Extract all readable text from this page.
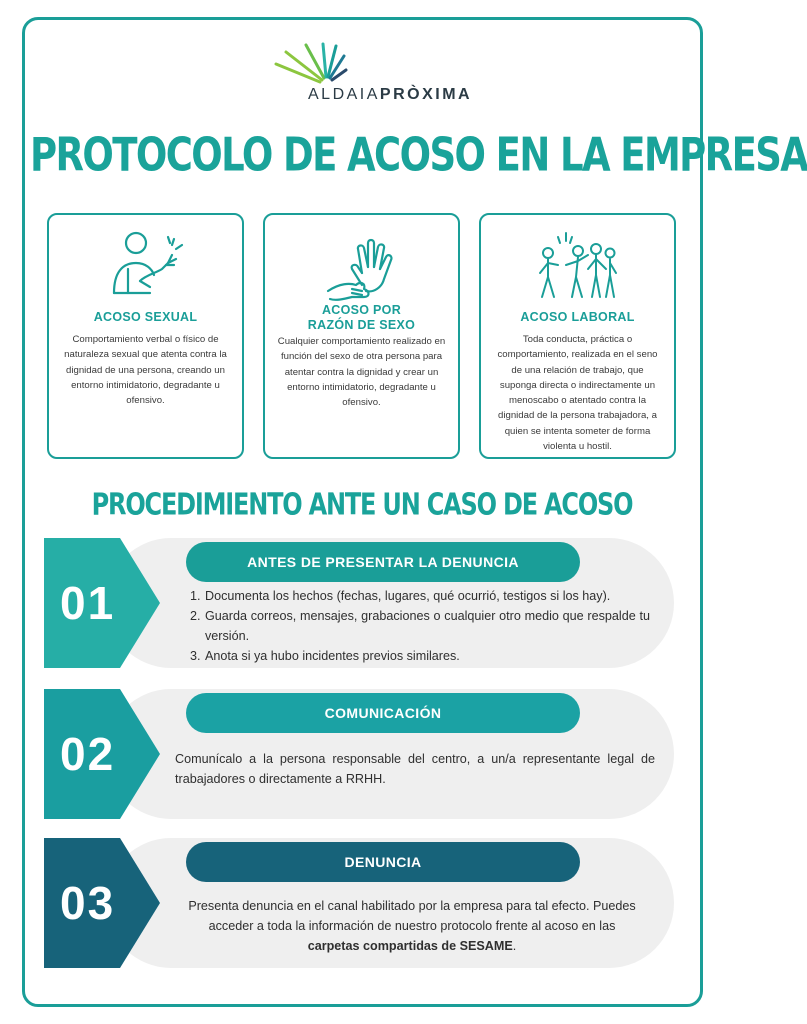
ALDAIAPRÒXIMA
PROTOCOLO DE ACOSO EN LA EMPRESA
ACOSO SEXUAL
Comportamiento verbal o físico de naturaleza sexual que atenta contra la dignidad de una persona, creando un entorno intimidatorio, degradante u ofensivo.
ACOSO POR
RAZÓN DE SEXO
Cualquier comportamiento realizado en función del sexo de otra persona para atentar contra la dignidad y crear un entorno intimidatorio, degradante u ofensivo.
ACOSO LABORAL
Toda conducta, práctica o comportamiento, realizada en el seno de una relación de trabajo, que suponga directa o indirectamente un menoscabo o atentado contra la dignidad de la persona trabajadora, a quien se intenta someter de forma violenta u hostil.
PROCEDIMIENTO ANTE UN CASO DE ACOSO
01
ANTES DE PRESENTAR LA DENUNCIA
1. Documenta los hechos (fechas, lugares, qué ocurrió, testigos si los hay).
2. Guarda correos, mensajes, grabaciones o cualquier otro medio que respalde tu versión.
3. Anota si ya hubo incidentes previos similares.
02
COMUNICACIÓN
Comunícalo a la persona responsable del centro, a un/a representante legal de trabajadores o directamente a RRHH.
03
DENUNCIA
Presenta denuncia en el canal habilitado por la empresa para tal efecto. Puedes acceder a toda la información de nuestro protocolo frente al acoso en las carpetas compartidas de SESAME.
